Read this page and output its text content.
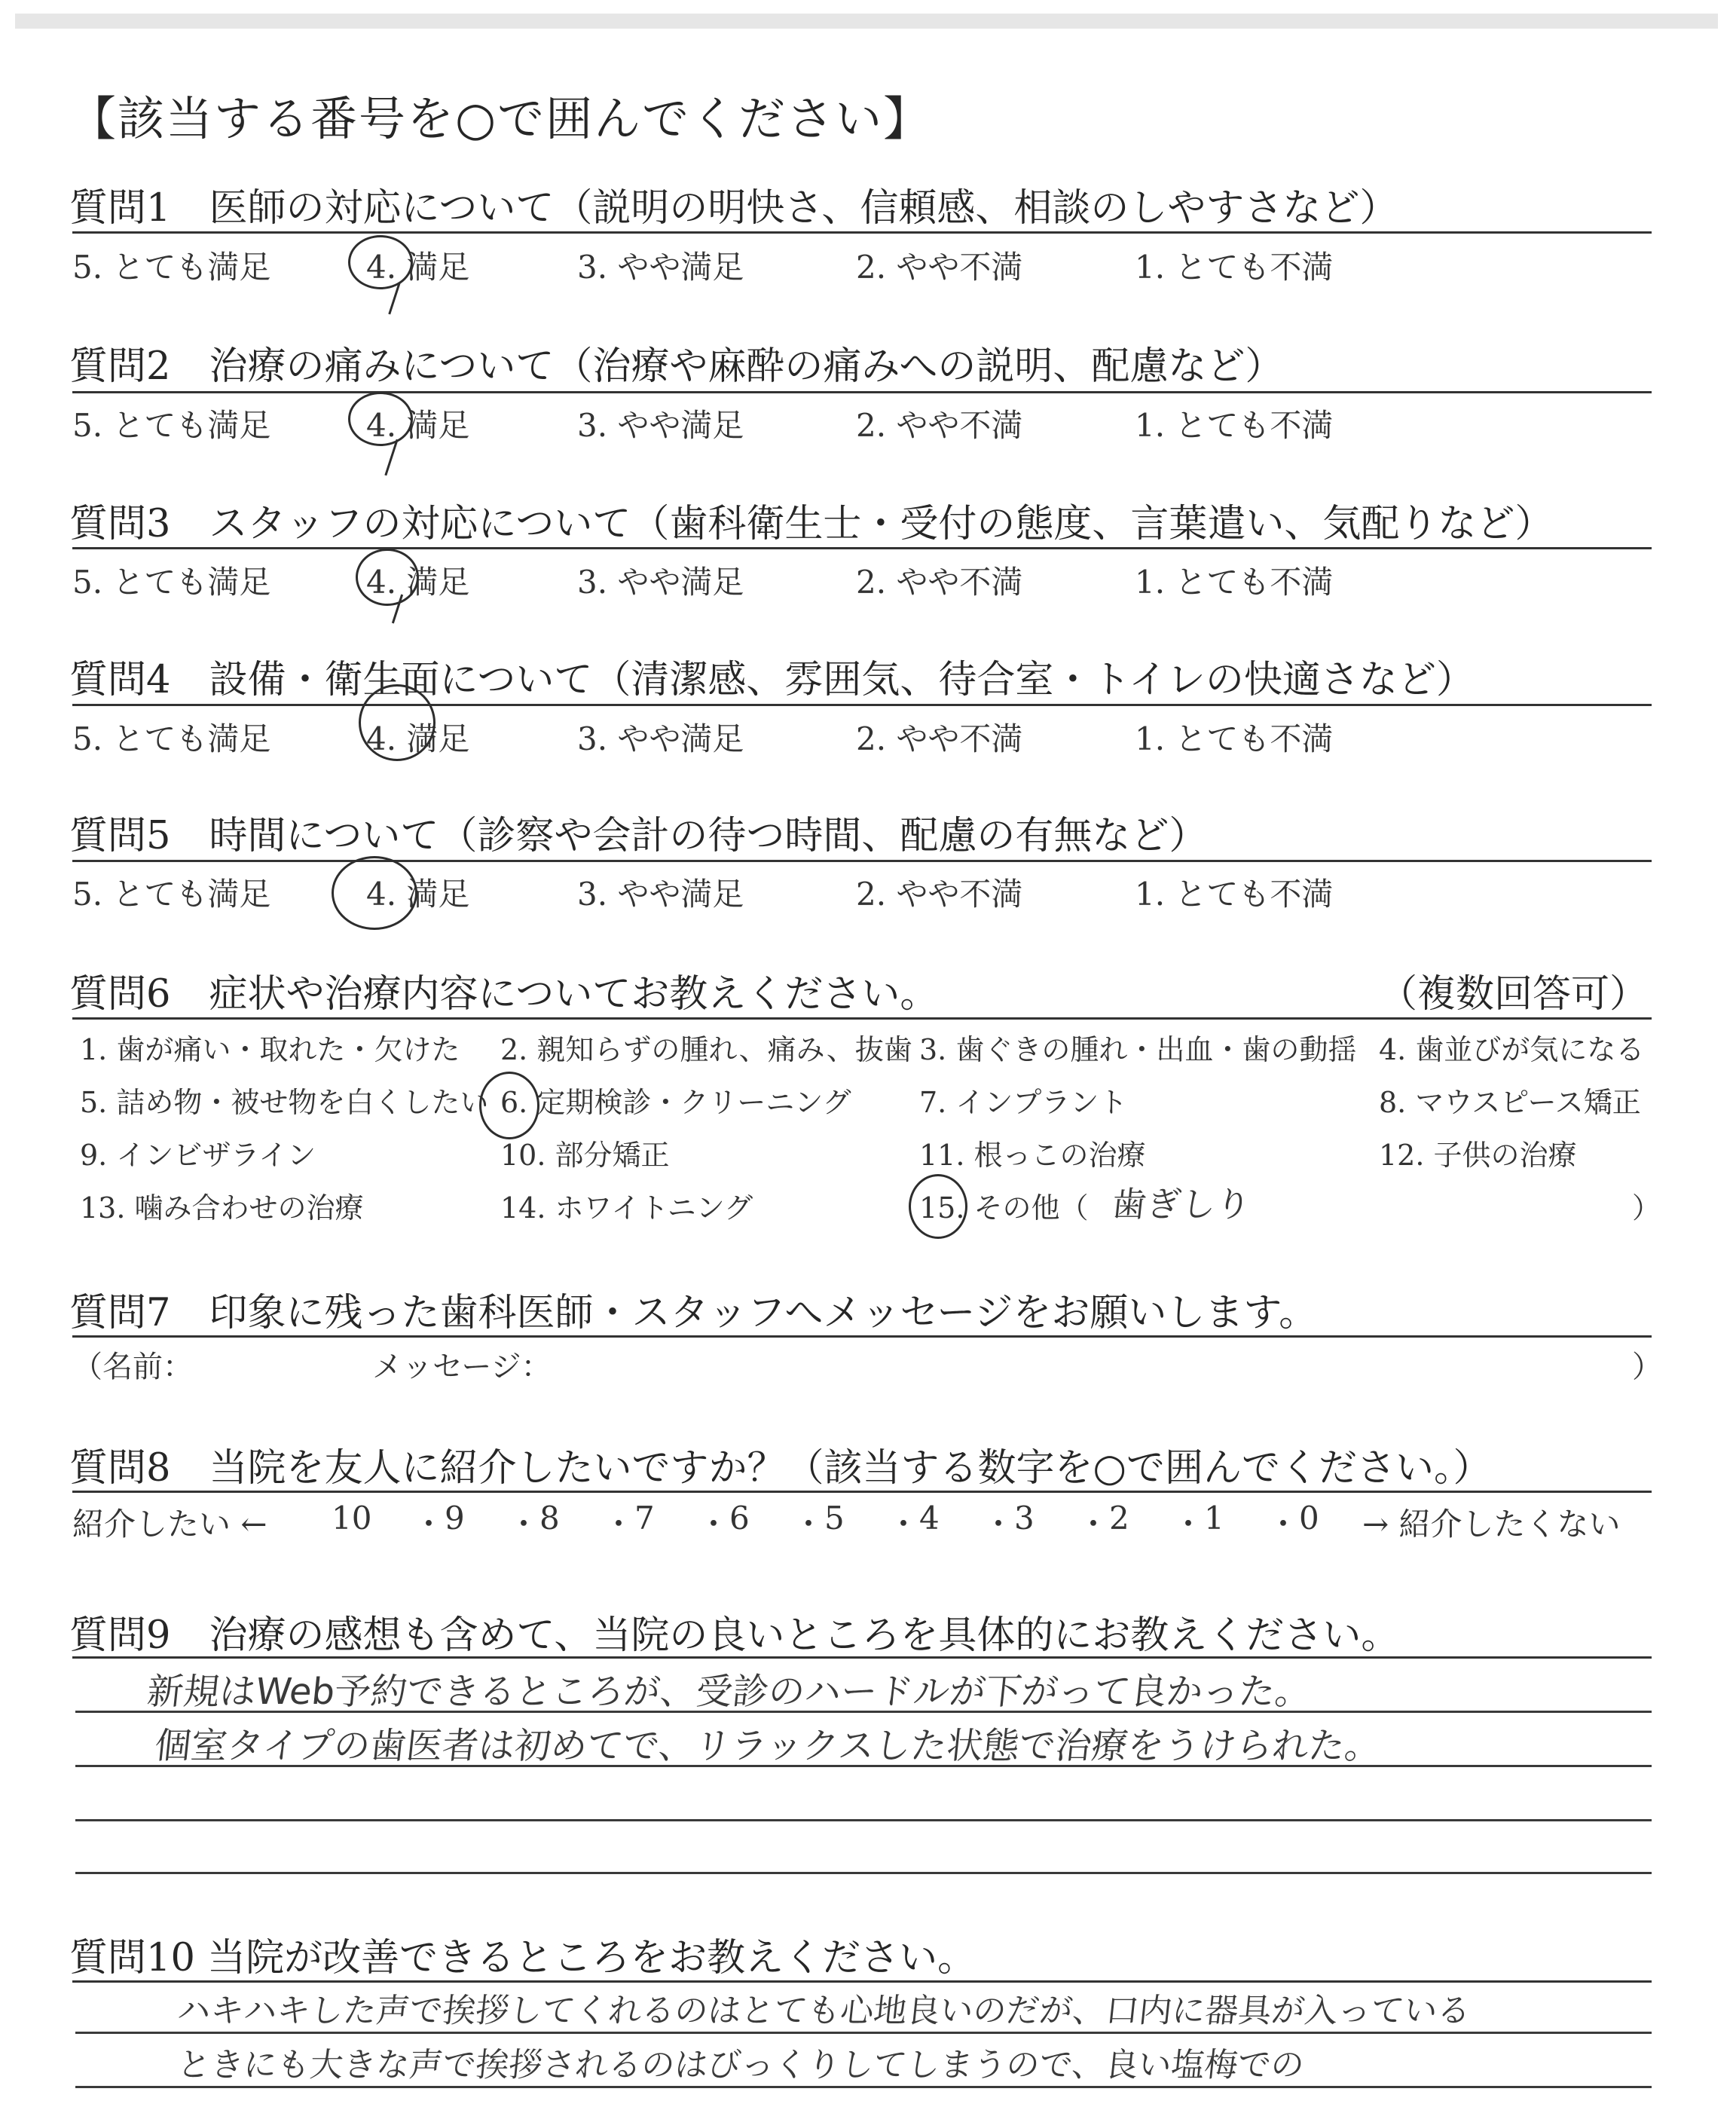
【該当する番号を○で囲んでください】
質問1　医師の対応について（説明の明快さ、信頼感、相談のしやすさなど）
5. とても満足	4. 満足	3. やや満足	2. やや不満	1. とても不満
質問2　治療の痛みについて（治療や麻酔の痛みへの説明、配慮など）
5. とても満足	4. 満足	3. やや満足	2. やや不満	1. とても不満
質問3　スタッフの対応について（歯科衛生士・受付の態度、言葉遣い、気配りなど）
5. とても満足	4. 満足	3. やや満足	2. やや不満	1. とても不満
質問4　設備・衛生面について（清潔感、雰囲気、待合室・トイレの快適さなど）
5. とても満足	4. 満足	3. やや満足	2. やや不満	1. とても不満
質問5　時間について（診察や会計の待つ時間、配慮の有無など）
5. とても満足	4. 満足	3. やや満足	2. やや不満	1. とても不満
質問6　症状や治療内容についてお教えください。	（複数回答可）
1. 歯が痛い・取れた・欠けた 2. 親知らずの腫れ、痛み、抜歯 3. 歯ぐきの腫れ・出血・歯の動揺 4. 歯並びが気になる
5. 詰め物・被せ物を白くしたい 6. 定期検診・クリーニング 7. インプラント	8. マウスピース矯正
9. インビザライン	10. 部分矯正	11. 根っこの治療	12. 子供の治療
13. 噛み合わせの治療	14. ホワイトニング	15. その他（	）
歯ぎしり
質問7　印象に残った歯科医師・スタッフへメッセージをお願いします。
（名前：	メッセージ：	）
質問8　当院を友人に紹介したいですか？（該当する数字を○で囲んでください。）
紹介したい ← 10 ・ 9 ・ 8 ・ 7 ・ 6 ・ 5 ・ 4 ・ 3 ・ 2 ・ 1 ・ 0 → 紹介したくない
質問9　治療の感想も含めて、当院の良いところを具体的にお教えください。
新規はWeb予約できるところが、受診のハードルが下がって良かった。
個室タイプの歯医者は初めてで、リラックスした状態で治療をうけられた。
質問10 当院が改善できるところをお教えください。
ハキハキした声で挨拶してくれるのはとても心地良いのだが、口内に器具が入っている
ときにも大きな声で挨拶されるのはびっくりしてしまうので、良い塩梅での
